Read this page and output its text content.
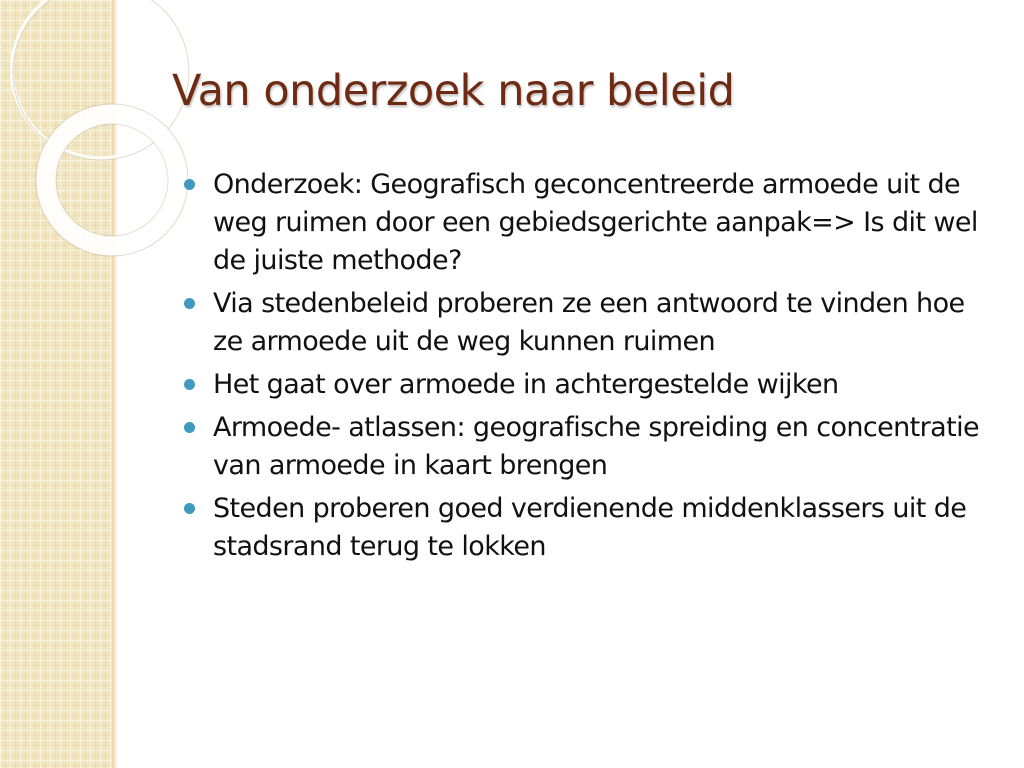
Van onderzoek naar beleid
Onderzoek: Geografisch geconcentreerde armoede uit de weg ruimen door een gebiedsgerichte aanpak=> Is dit wel de juiste methode?
Via stedenbeleid proberen ze een antwoord te vinden hoe ze armoede uit de weg kunnen ruimen
Het gaat over armoede in achtergestelde wijken
Armoede- atlassen: geografische spreiding en concentratie van armoede in kaart brengen
Steden proberen goed verdienende middenklassers uit de stadsrand terug te lokken
